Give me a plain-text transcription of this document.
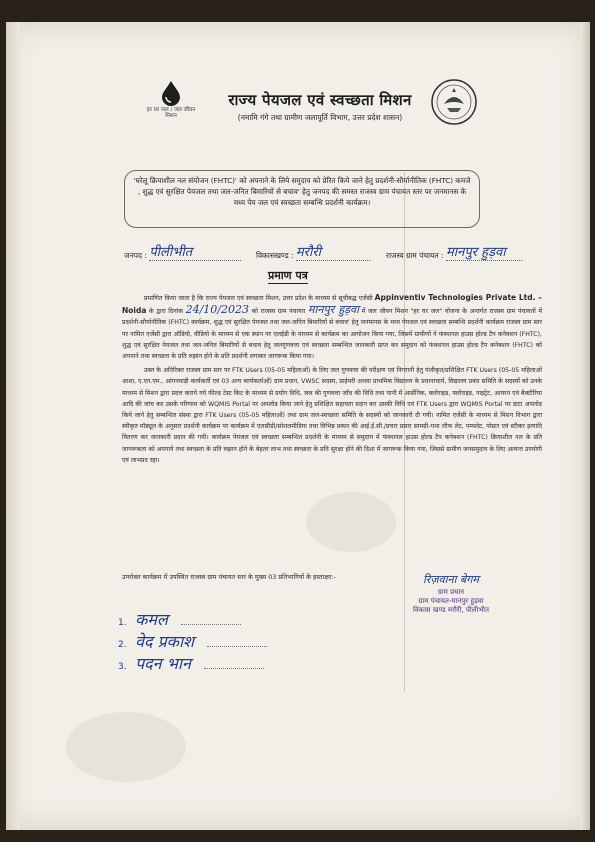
हर घर जल / जल जीवन मिशन
राज्य पेयजल एवं स्वच्छता मिशन
(नमामि गंगे तथा ग्रामीण जलापूर्ति विभाग, उत्तर प्रदेश शासन)
'घरेलू क्रियाशील नल संयोजन (FHTC)' को अपनाने के लिये समुदाय को प्रेरित किये जाने हेतु प्रदर्शनी-सौर्यानीतिक (FHTC) कमजे , शुद्ध एवं सुरक्षित पेयजल तथा जल-जनित बिमारियों से बचाव' हेतु जनपद की समस्त राजस्व ग्राम पंचायत स्तर पर जनमानस के मध्य पेय जल एवं स्वच्छता सम्बन्धि प्रदर्शनी कार्यक्रम।
जनपद : पीलीभीत	विकासखण्ड : मरौरी	राजस्व ग्राम पंचायत : मानपुर हुड़वा
प्रमाण पत्र

प्रमाणित किया जाता है कि राज्य पेयजल एवं स्वच्छता मिशन, उत्तर प्रदेश के माध्यम से सूचीबद्ध एजेंसी Appinventiv Technologies Private Ltd. – Noida के द्वारा दिनांक 24/10/2023 को राजस्व ग्राम पंचायत मानपुर हुड़वा में जल जीवन मिशन "हर घर जल" योजना के अन्तर्गत राजस्व ग्राम पंचायतों में प्रदर्शनी-सौर्यानीतिक (FHTC) कार्यक्रम, शुद्ध एवं सुरक्षित पेयजल तथा जल-जनित बिमारियों से बचाव' हेतु जनमानस के मध्य पेयजल एवं स्वच्छता सम्बन्धि प्रदर्शनी कार्यक्रम राजस्व ग्राम स्तर पर नामित एजेंसी द्वारा ऑडियो, वीडियो के माध्यम से एक स्थान पर एलईडी के माध्यम से कार्यक्रम का आयोजन किया गया, जिसमें ग्रामीणों ने फंक्शनल हाउस होल्ड टैप कनेक्शन (FHTC), शुद्ध एवं सुरक्षित पेयजल तथा जल-जनित बिमारियों से बचाव हेतु जलगुणवत्ता एवं स्वच्छता सम्बन्धित जानकारी प्राप्त कर समुदाय को फंक्शनल हाउस होल्ड टैप कनेक्शन (FHTC) को अपनाने तथा स्वच्छता के प्रति रुझान होने के प्रति प्रदर्शनी लगाकर जागरूक किया गया।

उक्त के अतिरिक्त राजस्व ग्राम स्तर पर FTK Users (05-05 महिलाओं) के लिए जल गुणवत्ता की परीक्षण एवं निगरानी हेतु पंजीकृत/प्रशिक्षित FTK Users (05-05 महिलाओं आशा, ए.एन.एम., आंगनवाड़ी कार्यकर्ती एवं 03 अन्य कार्यकर्ताओं) ग्राम प्रधान, VWSC सदस्य, प्राईमरी अथवा प्राथमिक विद्यालय के प्रधानाचार्य, विद्यालय प्रबंध समिति के सदस्यों को उनके माध्यम से मिशन द्वारा प्रदत्त कराये गये फील्ड टेस्ट किट के माध्यम से प्रयोग विधि, जल की गुणवत्ता जाँच की विधि तथा पानी में आर्सेनिक, क्लोराइड, फ्लोराइड, नाइट्रेट, आयरन एवं बैक्टीरिया आदि की जांच कर उसके परिणाम को WQMIS Portal पर अपलोड किया जाने हेतु प्रशिक्षित सहायता प्रदान कर उसकी विधि एवं FTK Users द्वारा WQMIS Portal पर डाटा अपलोड किये जाने हेतु सम्बन्धित संस्था द्वारा FTK Users (05-05 महिलाओं) तथा ग्राम जल-स्वच्छता समिति के सदस्यों को जानकारी दी गयी। नामित एजेंसी के माध्यम से मिशन विभाग द्वारा स्वीकृत मॉड्यूल के अनुसार प्रदर्शनी कार्यक्रम पर कार्यक्रम में एलसीडी/सोशलमीडिया तथा विभिन्न प्रकार की आई.ई.सी./प्रचार प्रसार सामग्री-यथा लीफ लेट, पम्पलेट, पोस्टर एवं स्टीकर इत्यादि वितरण कर जानकारी प्रदान की गयी। कार्यक्रम पेयजल एवं स्वच्छता सम्बन्धित प्रदर्शनी के माध्यम से समुदाय में फंक्शनल हाउस होल्ड टैप कनेक्शन (FHTC) क्रियाशील नल के प्रति जागरूकता को अपनाये तथा स्वच्छता के प्रति रुझान होने के बेहतर लाभ तथा स्वच्छता के प्रति सुरक्षा होने की दिशा में जागरूक किया गया, जिससे ग्रामीण जनसमुदाय के लिए अत्यन्त उपयोगी एवं लाभप्रद रहा।

उपरोक्त कार्यक्रम में उपस्थित राजस्व ग्राम पंचायत स्तर के मुख्य 03 प्रतिभागियों के हस्ताक्षर:-
1. कमल
2. वेद प्रकाश
3. पदन भान
रिज़वाना बेगम
ग्राम प्रधान
ग्राम पंचायत-मानपुर हुड़वा
विकास खण्ड मरौरी, पीलीभीत
